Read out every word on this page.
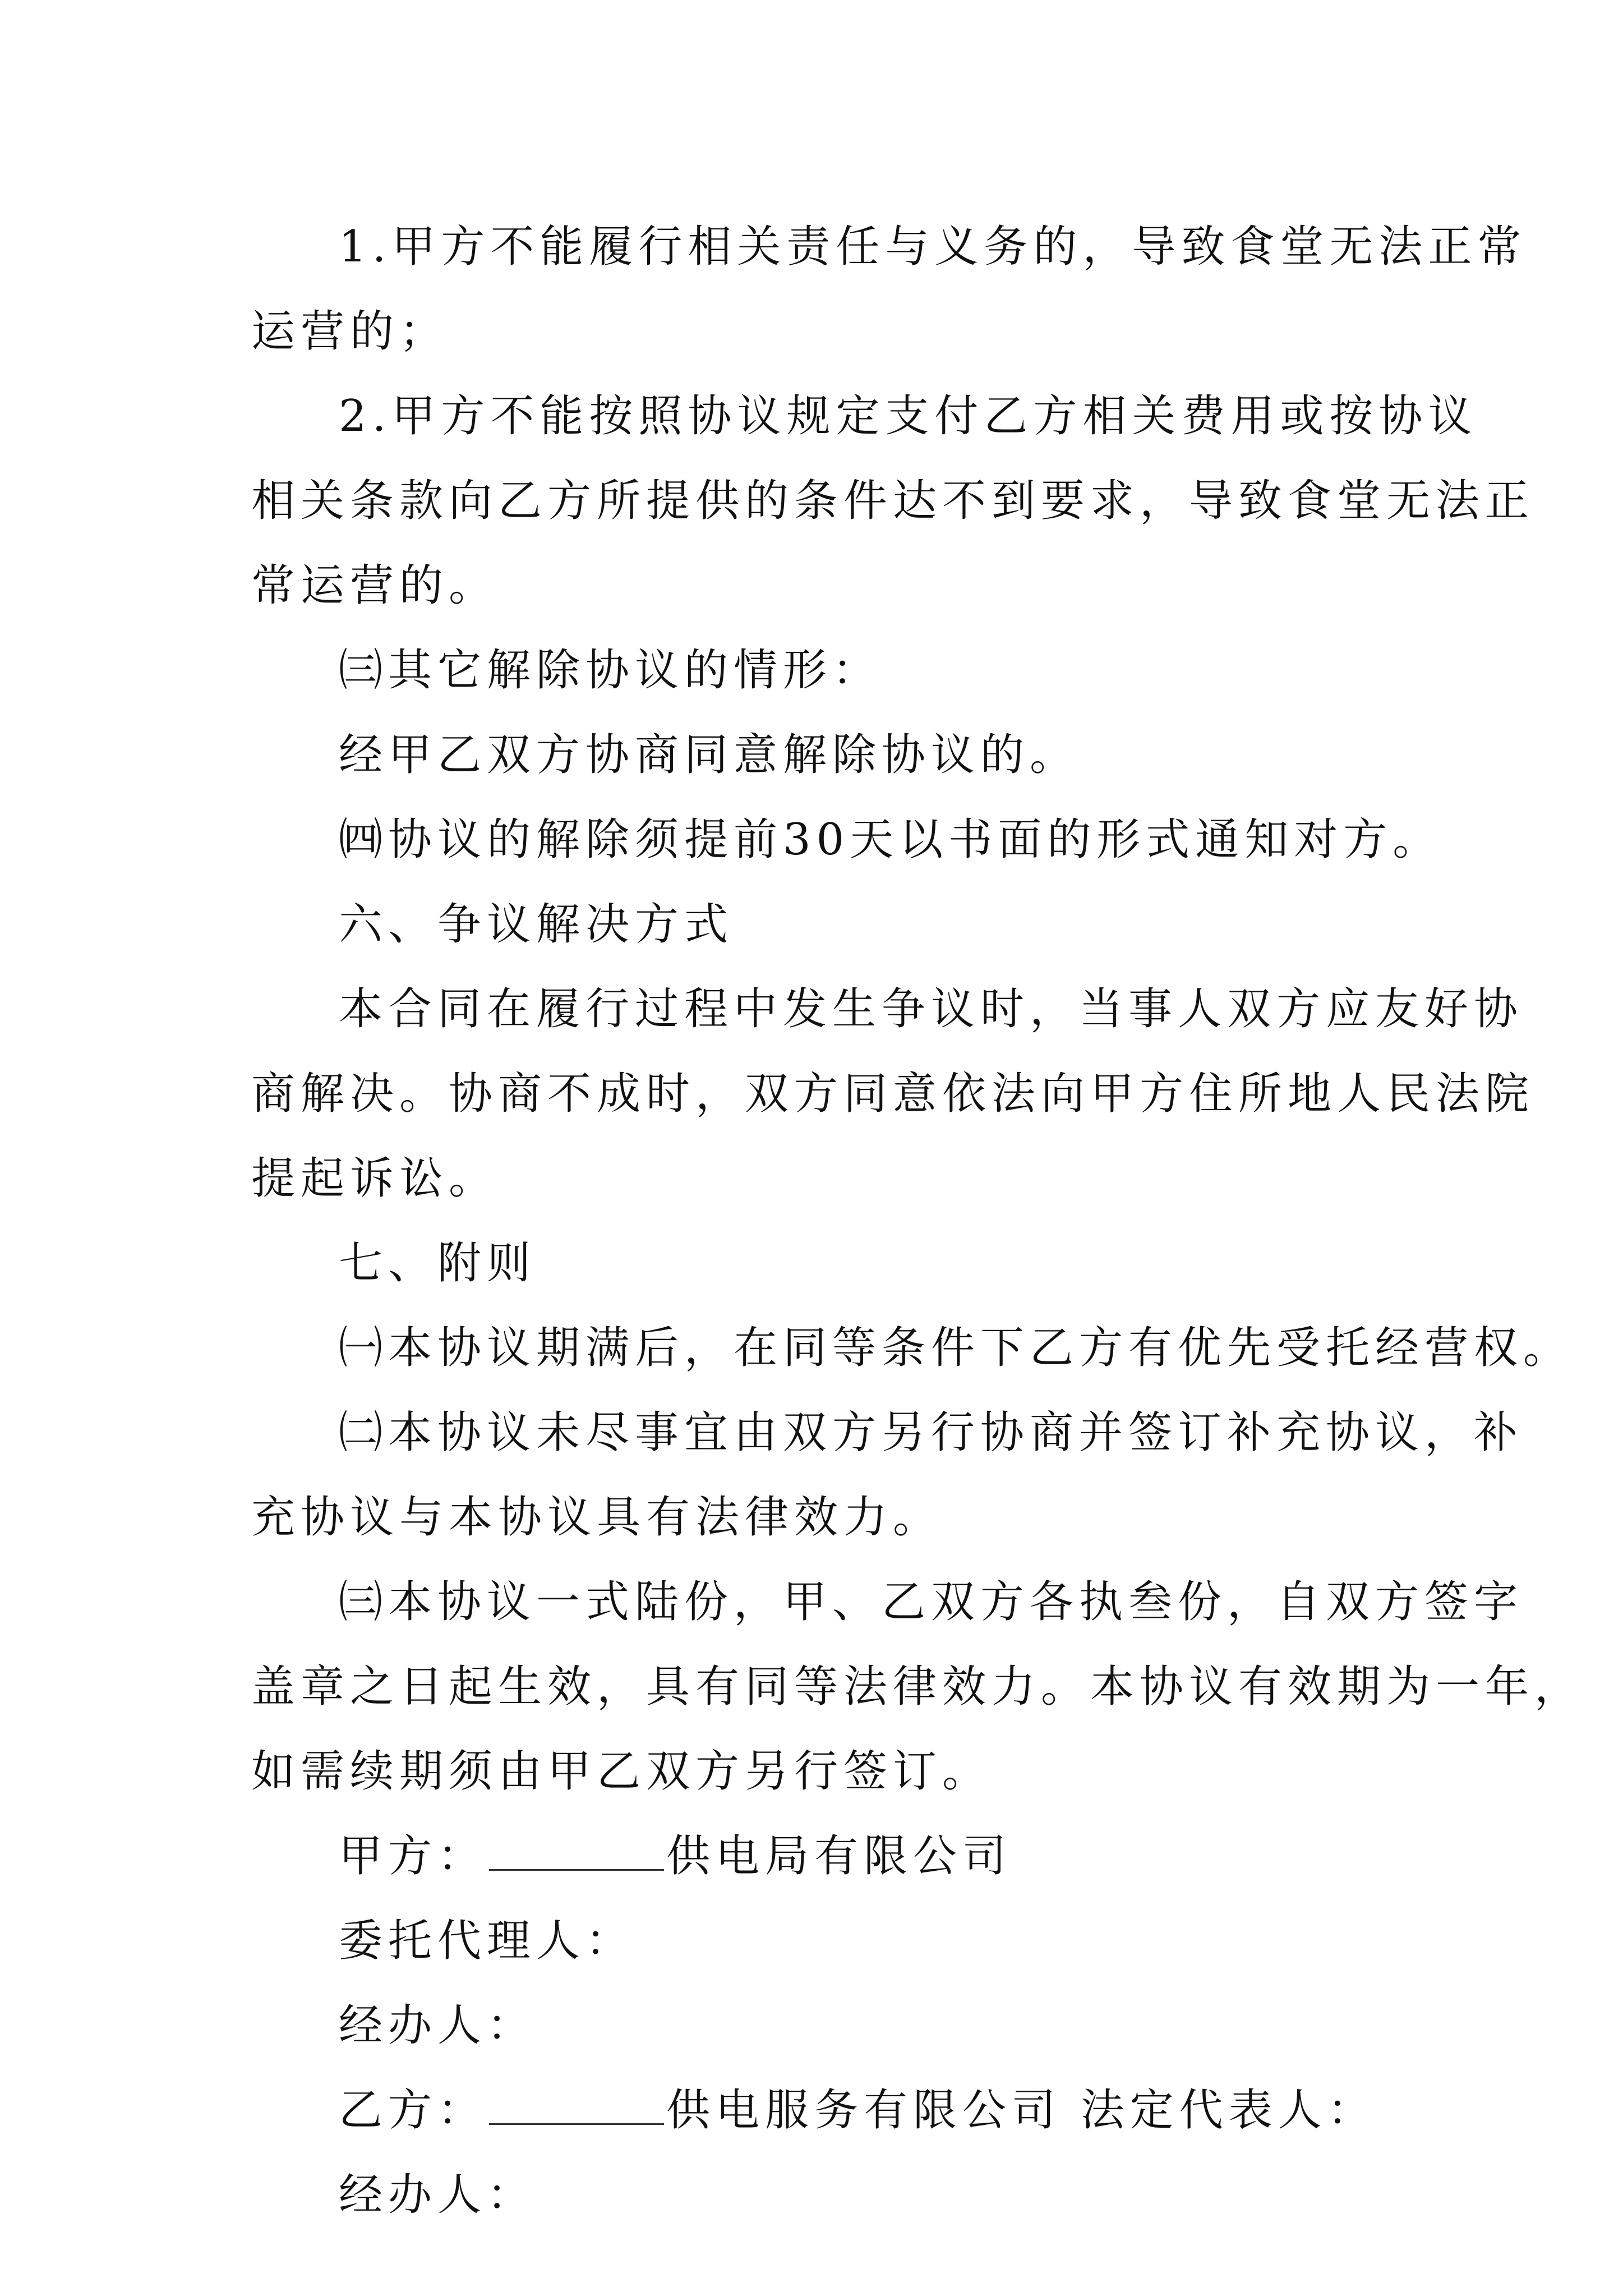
1.甲方不能履行相关责任与义务的，导致食堂无法正常
运营的；
2.甲方不能按照协议规定支付乙方相关费用或按协议
相关条款向乙方所提供的条件达不到要求，导致食堂无法正
常运营的。
㈢其它解除协议的情形：
经甲乙双方协商同意解除协议的。
㈣协议的解除须提前30天以书面的形式通知对方。
六、争议解决方式
本合同在履行过程中发生争议时，当事人双方应友好协
商解决。协商不成时，双方同意依法向甲方住所地人民法院
提起诉讼。
七、附则
㈠本协议期满后，在同等条件下乙方有优先受托经营权。
㈡本协议未尽事宜由双方另行协商并签订补充协议，补
充协议与本协议具有法律效力。
㈢本协议一式陆份，甲、乙双方各执叁份，自双方签字
盖章之日起生效，具有同等法律效力。本协议有效期为一年，
如需续期须由甲乙双方另行签订。
甲方：	供电局有限公司
委托代理人：
经办人：
乙方：	供电服务有限公司 法定代表人：
经办人：
